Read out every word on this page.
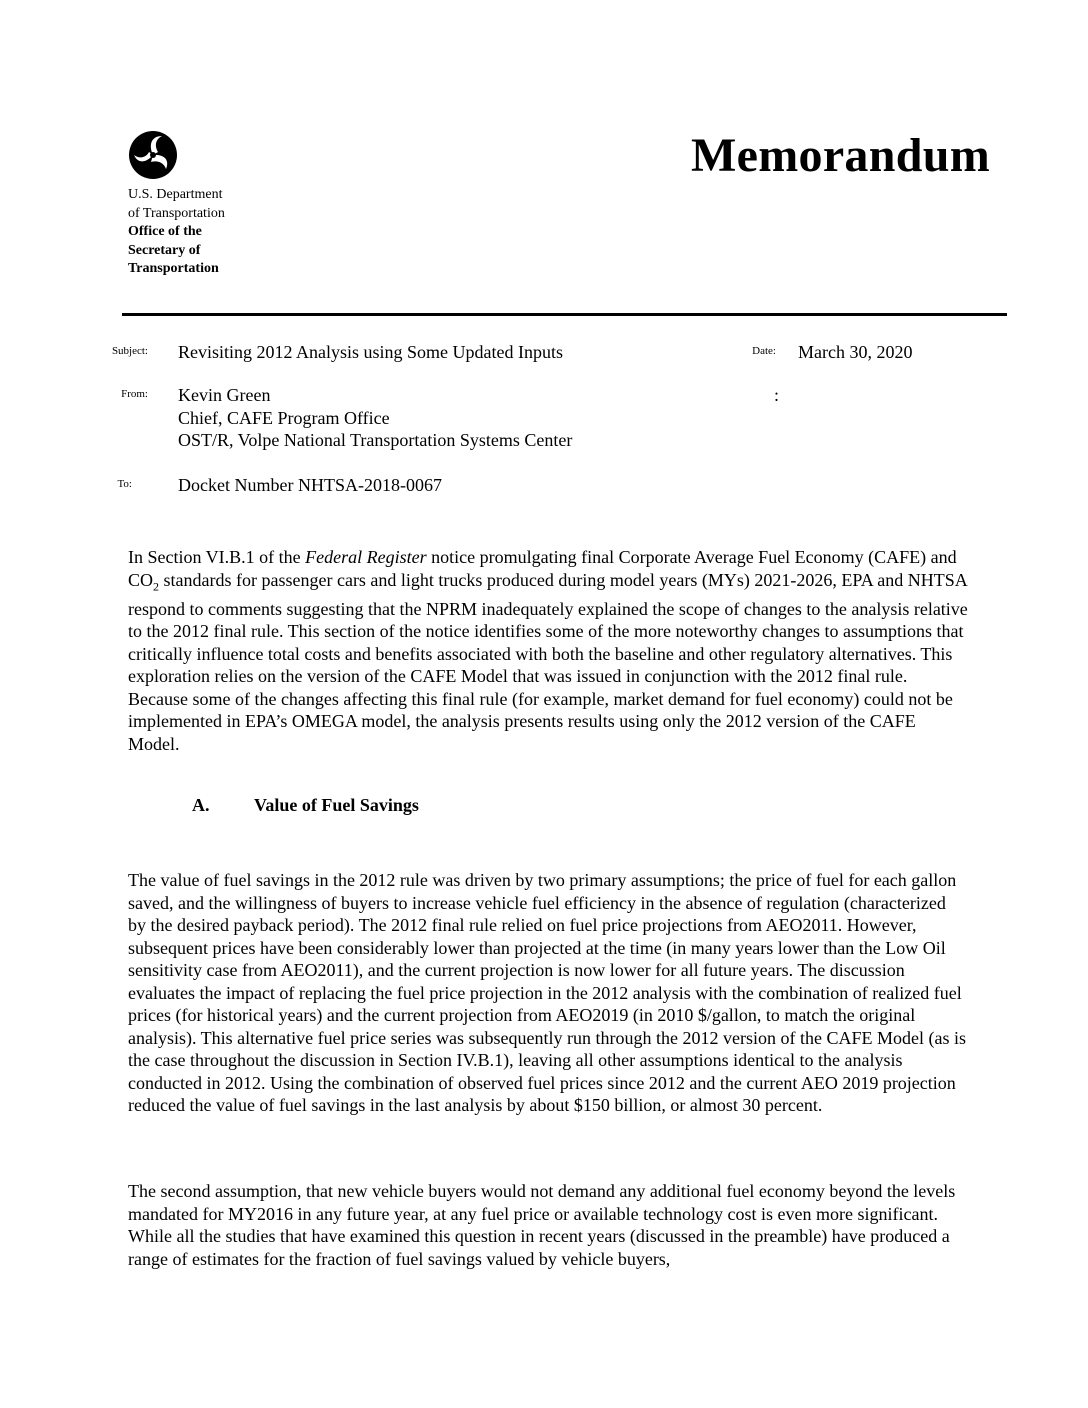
U.S. Department
of Transportation
Office of the
Secretary of
Transportation
Memorandum
Subject: Revisiting 2012 Analysis using Some Updated Inputs	Date: March 30, 2020
From: Kevin Green
Chief, CAFE Program Office
OST/R, Volpe National Transportation Systems Center
:
To:	Docket Number NHTSA-2018-0067

In Section VI.B.1 of the Federal Register notice promulgating final Corporate Average Fuel Economy (CAFE) and $CO_2$ standards for passenger cars and light trucks produced during model years (MYs) 2021-2026, EPA and NHTSA respond to comments suggesting that the NPRM inadequately explained the scope of changes to the analysis relative to the 2012 final rule. This section of the notice identifies some of the more noteworthy changes to assumptions that critically influence total costs and benefits associated with both the baseline and other regulatory alternatives. This exploration relies on the version of the CAFE Model that was issued in conjunction with the 2012 final rule. Because some of the changes affecting this final rule (for example, market demand for fuel economy) could not be implemented in EPA’s OMEGA model, the analysis presents results using only the 2012 version of the CAFE Model.

A. Value of Fuel Savings

The value of fuel savings in the 2012 rule was driven by two primary assumptions; the price of fuel for each gallon saved, and the willingness of buyers to increase vehicle fuel efficiency in the absence of regulation (characterized by the desired payback period). The 2012 final rule relied on fuel price projections from AEO2011. However, subsequent prices have been considerably lower than projected at the time (in many years lower than the Low Oil sensitivity case from AEO2011), and the current projection is now lower for all future years. The discussion evaluates the impact of replacing the fuel price projection in the 2012 analysis with the combination of realized fuel prices (for historical years) and the current projection from AEO2019 (in 2010 $/gallon, to match the original analysis). This alternative fuel price series was subsequently run through the 2012 version of the CAFE Model (as is the case throughout the discussion in Section IV.B.1), leaving all other assumptions identical to the analysis conducted in 2012. Using the combination of observed fuel prices since 2012 and the current AEO 2019 projection reduced the value of fuel savings in the last analysis by about $150 billion, or almost 30 percent.

The second assumption, that new vehicle buyers would not demand any additional fuel economy beyond the levels mandated for MY2016 in any future year, at any fuel price or available technology cost is even more significant. While all the studies that have examined this question in recent years (discussed in the preamble) have produced a range of estimates for the fraction of fuel savings valued by vehicle buyers,
